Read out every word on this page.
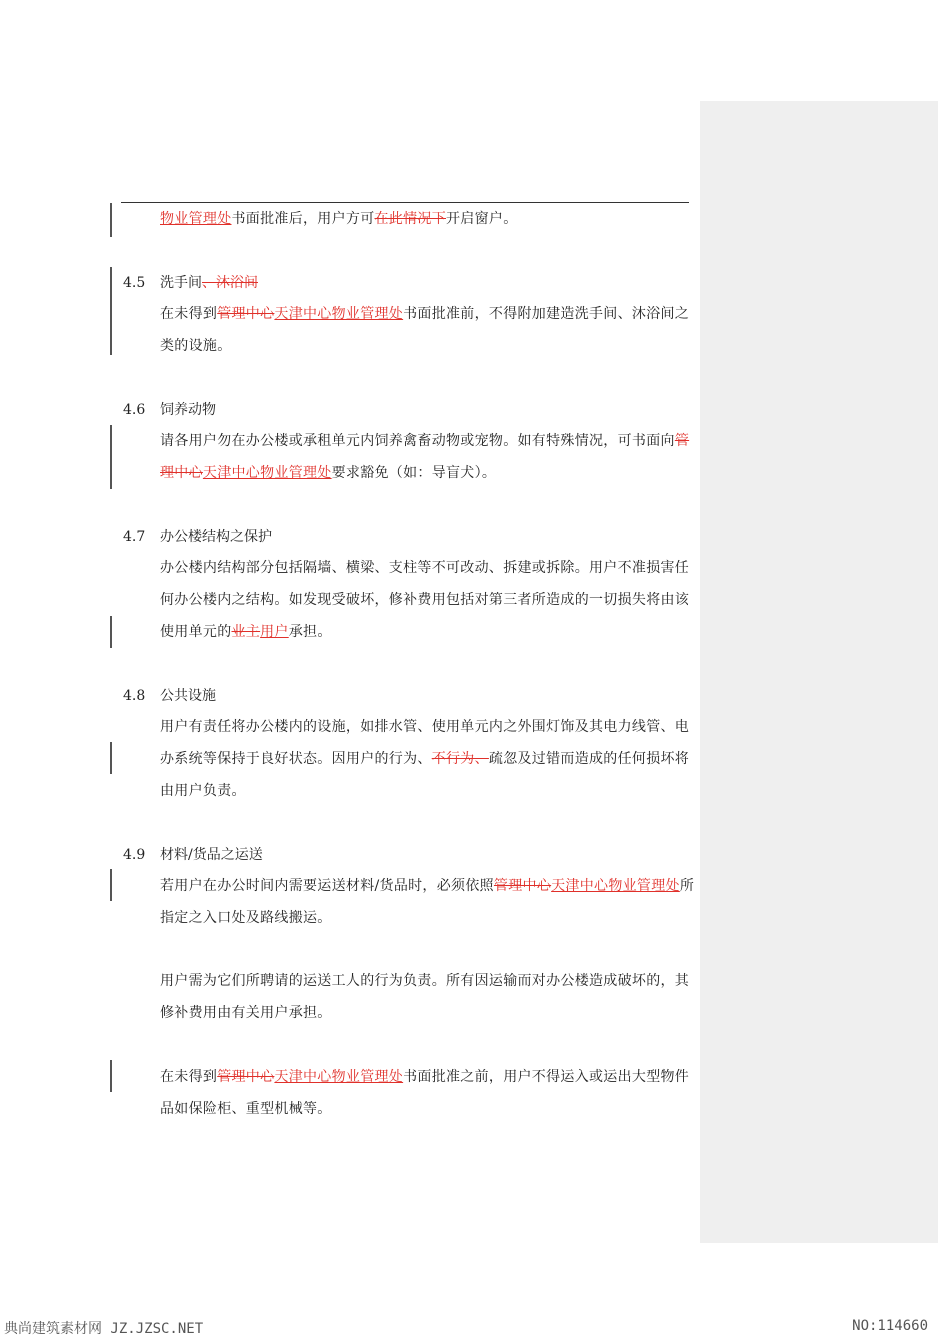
物业管理处书面批准后，用户方可在此情况下开启窗户。
4.5 洗手间、沐浴间
在未得到管理中心天津中心物业管理处书面批准前，不得附加建造洗手间、沐浴间之
类的设施。
4.6 饲养动物
请各用户勿在办公楼或承租单元内饲养禽畜动物或宠物。如有特殊情况，可书面向管
理中心天津中心物业管理处要求豁免（如：导盲犬）。
4.7 办公楼结构之保护
办公楼内结构部分包括隔墙、横梁、支柱等不可改动、拆建或拆除。用户不准损害任
何办公楼内之结构。如发现受破坏，修补费用包括对第三者所造成的一切损失将由该
使用单元的业主用户承担。
4.8 公共设施
用户有责任将办公楼内的设施，如排水管、使用单元内之外围灯饰及其电力线管、电
办系统等保持于良好状态。因用户的行为、不行为、疏忽及过错而造成的任何损坏将
由用户负责。
4.9 材料/货品之运送
若用户在办公时间内需要运送材料/货品时，必须依照管理中心天津中心物业管理处所
指定之入口处及路线搬运。
用户需为它们所聘请的运送工人的行为负责。所有因运输而对办公楼造成破坏的，其
修补费用由有关用户承担。
在未得到管理中心天津中心物业管理处书面批准之前，用户不得运入或运出大型物件
品如保险柜、重型机械等。
典尚建筑素材网 JZ.JZSC.NET	NO:114660
